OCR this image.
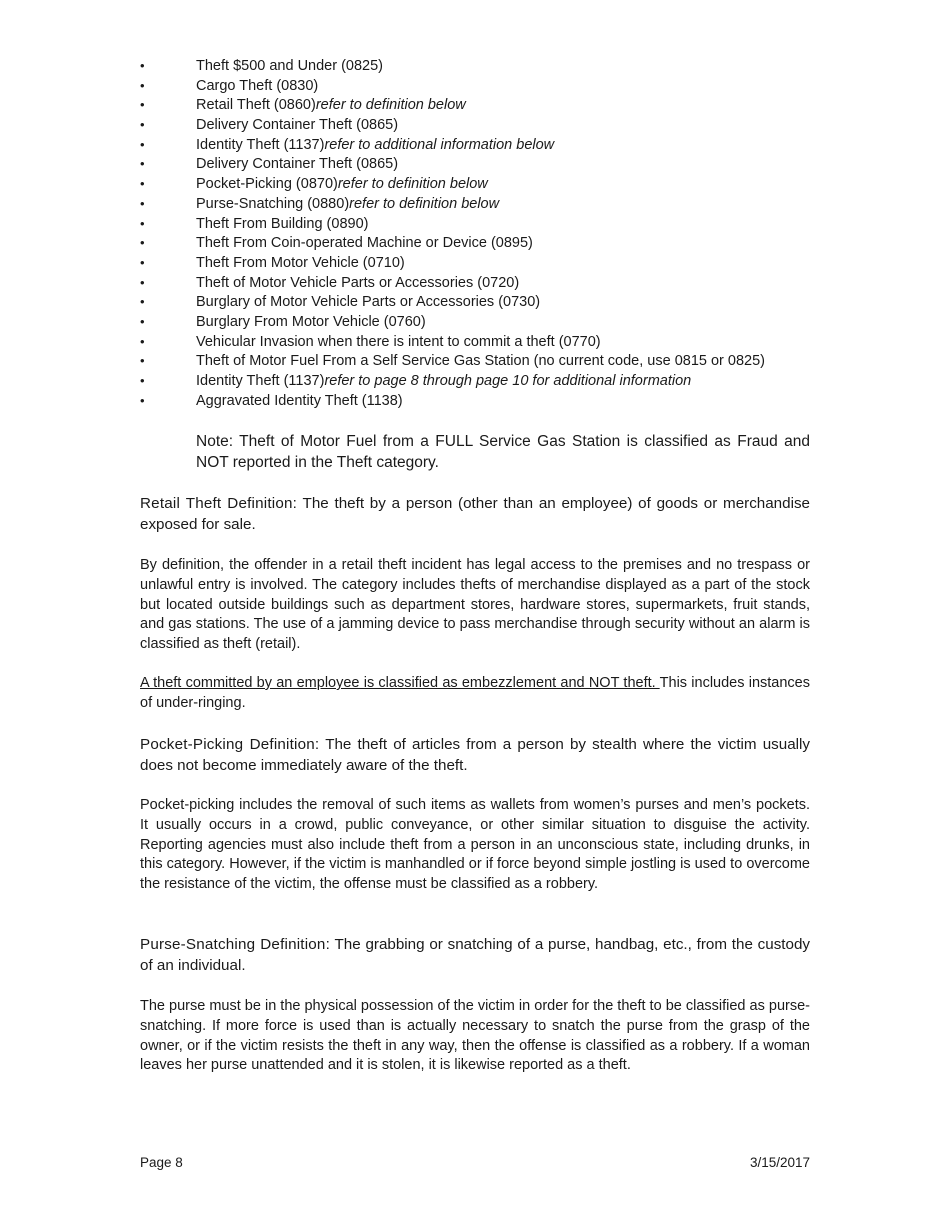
•	Theft $500 and Under (0825)
•	Cargo Theft (0830)
•	Retail Theft (0860) refer to definition below
•	Delivery Container Theft (0865)
•	Identity Theft (1137) refer to additional information below
•	Delivery Container Theft (0865)
•	Pocket-Picking (0870) refer to definition below
•	Purse-Snatching (0880) refer to definition below
•	Theft From Building (0890)
•	Theft From Coin-operated Machine or Device (0895)
•	Theft From Motor Vehicle (0710)
•	Theft of Motor Vehicle Parts or Accessories (0720)
•	Burglary of Motor Vehicle Parts or Accessories (0730)
•	Burglary From Motor Vehicle (0760)
•	Vehicular Invasion when there is intent to commit a theft (0770)
•	Theft of Motor Fuel From a Self Service Gas Station (no current code, use 0815 or 0825)
•	Identity Theft (1137) refer to page 8 through page 10 for additional information
•	Aggravated Identity Theft (1138)

Note: Theft of Motor Fuel from a FULL Service Gas Station is classified as Fraud and NOT reported in the Theft category.

Retail Theft Definition: The theft by a person (other than an employee) of goods or merchandise exposed for sale.

By definition, the offender in a retail theft incident has legal access to the premises and no trespass or unlawful entry is involved. The category includes thefts of merchandise displayed as a part of the stock but located outside buildings such as department stores, hardware stores, supermarkets, fruit stands, and gas stations. The use of a jamming device to pass merchandise through security without an alarm is classified as theft (retail).

A theft committed by an employee is classified as embezzlement and NOT theft. This includes instances of under-ringing.

Pocket-Picking Definition: The theft of articles from a person by stealth where the victim usually does not become immediately aware of the theft.

Pocket-picking includes the removal of such items as wallets from women’s purses and men’s pockets. It usually occurs in a crowd, public conveyance, or other similar situation to disguise the activity. Reporting agencies must also include theft from a person in an unconscious state, including drunks, in this category. However, if the victim is manhandled or if force beyond simple jostling is used to overcome the resistance of the victim, the offense must be classified as a robbery.

Purse-Snatching Definition: The grabbing or snatching of a purse, handbag, etc., from the custody of an individual.

The purse must be in the physical possession of the victim in order for the theft to be classified as purse-snatching. If more force is used than is actually necessary to snatch the purse from the grasp of the owner, or if the victim resists the theft in any way, then the offense is classified as a robbery. If a woman leaves her purse unattended and it is stolen, it is likewise reported as a theft.

Page 8	3/15/2017
